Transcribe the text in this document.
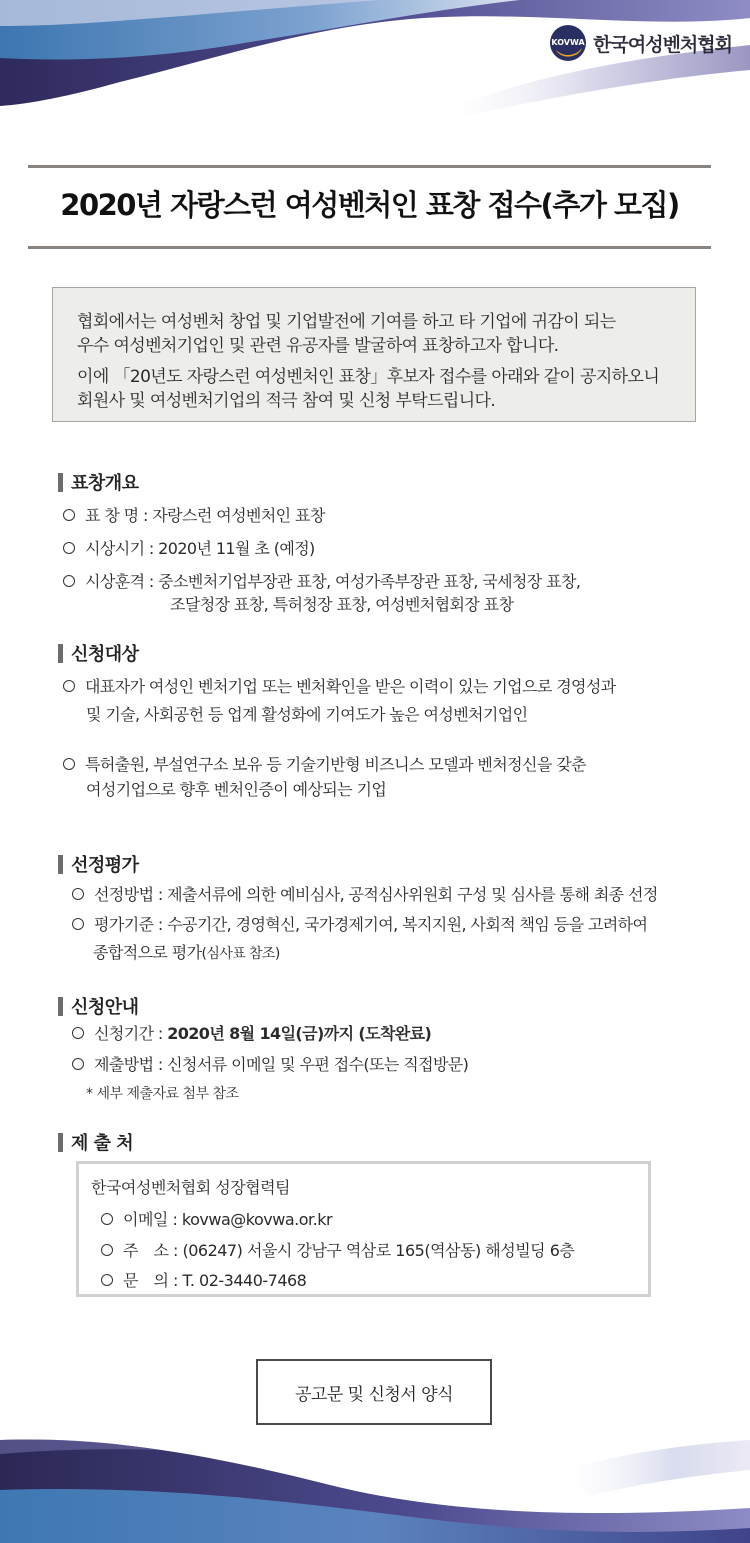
KOVWA 한국여성벤처협회
2020년 자랑스런 여성벤처인 표창 접수(추가 모집)

협회에서는 여성벤처 창업 및 기업발전에 기여를 하고 타 기업에 귀감이 되는
우수 여성벤처기업인 및 관련 유공자를 발굴하여 표창하고자 합니다.

이에 「20년도 자랑스런 여성벤처인 표창」후보자 접수를 아래와 같이 공지하오니
회원사 및 여성벤처기업의 적극 참여 및 신청 부탁드립니다.

표창개요
표 창 명 : 자랑스런 여성벤처인 표창
시상시기 : 2020년 11월 초 (예정)
시상훈격 : 중소벤처기업부장관 표창, 여성가족부장관 표창, 국세청장 표창,
조달청장 표창, 특허청장 표창, 여성벤처협회장 표창
신청대상
대표자가 여성인 벤처기업 또는 벤처확인을 받은 이력이 있는 기업으로 경영성과
및 기술, 사회공헌 등 업계 활성화에 기여도가 높은 여성벤처기업인
특허출원, 부설연구소 보유 등 기술기반형 비즈니스 모델과 벤처정신을 갖춘
여성기업으로 향후 벤처인증이 예상되는 기업
선정평가
선정방법 : 제출서류에 의한 예비심사, 공적심사위원회 구성 및 심사를 통해 최종 선정
평가기준 : 수공기간, 경영혁신, 국가경제기여, 복지지원, 사회적 책임 등을 고려하여
종합적으로 평가(심사표 참조)
신청안내
신청기간 : 2020년 8월 14일(금)까지 (도착완료)
제출방법 : 신청서류 이메일 및 우편 접수(또는 직접방문)
* 세부 제출자료 첨부 참조
제 출 처
한국여성벤처협회 성장협력팀
이메일 : kovwa@kovwa.or.kr
주　소 : (06247) 서울시 강남구 역삼로 165(역삼동) 해성빌딩 6층
문　의 : T. 02-3440-7468
공고문 및 신청서 양식
